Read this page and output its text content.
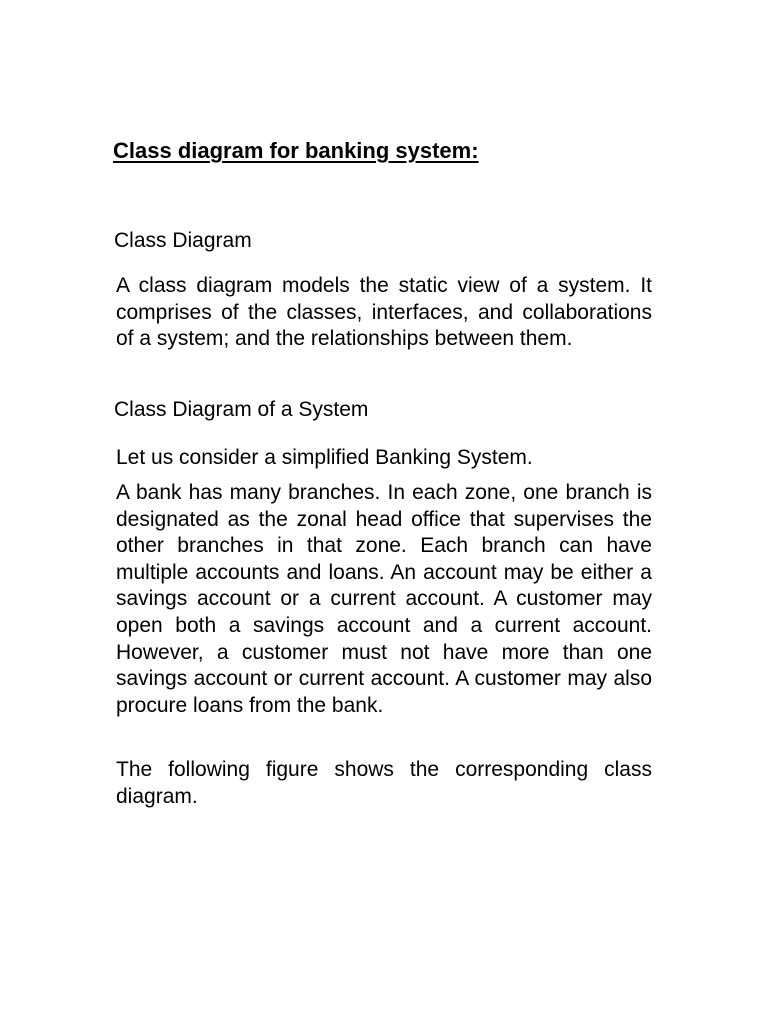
Class diagram for banking system:
Class Diagram

A class diagram models the static view of a system. It comprises of the classes, interfaces, and collaborations of a system; and the relationships between them.

Class Diagram of a System

Let us consider a simplified Banking System.

A bank has many branches. In each zone, one branch is designated as the zonal head office that supervises the other branches in that zone. Each branch can have multiple accounts and loans. An account may be either a savings account or a current account. A customer may open both a savings account and a current account. However, a customer must not have more than one savings account or current account. A customer may also procure loans from the bank.

The following figure shows the corresponding class diagram.
